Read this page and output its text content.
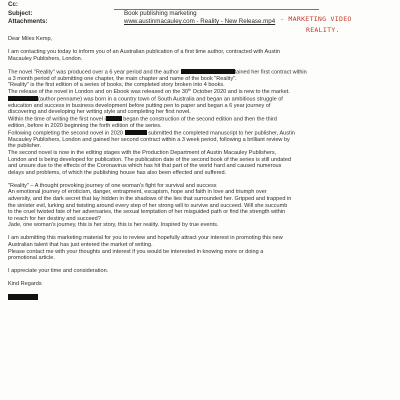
Cc:
Subject:	Book publishing marketing
Attachments:	www.austinmacauley.com - Reality - New Release.mp4 - MARKETING VIDEO
REALITY.

Dear Miles Kemp,

I am contacting you today to inform you of an Australian publication of a first time author, contracted with Austin
Macauley Publishers, London.

The novel "Reality" was produced over a 6 year period and the author	tained her first contract within
a 3 month period of submitting one chapter, the main chapter and name of the book "Reality".
"Reality" is the first edition of a series of books, the completed story broken into 4 books.
The release of the novel in London and on Ebook was released on the 30th October 2020 and is new to the market.
(author penname) was born in a country town of South Australia and began an ambitious struggle of
education and success in business development before putting pen to paper and began a 6 year journey of
discovering and developing her writing style and completing her first novel.
Within the time of writing the first novel i	began the construction of the second edition and then the third
edition, before in 2020 beginning the forth edition of the series.
Following completing the second novel in 2020	submitted the completed manuscript to her publisher, Austin
Macauley Publishers, London and gained her second contract within a 3 week period, following a brilliant review by
the publisher.
The second novel is now in the editing stages with the Production Department of Austin Macauley Publishers,
London and is being developed for publication. The publication date of the second book of the series is still undated
and unsure due to the effects of the Coronavirus which has hit that part of the world hard and caused numerous
delays and problems, of which the publishing house has also been effected and suffered.

"Reality" – A thought provoking journey of one woman's fight for survival and success
An emotional journey of eroticism, danger, entrapment, escapism, hope and faith in love and triumph over
adversity, and the dark secret that lay hidden in the shadows of the lies that surrounded her. Gripped and trapped in
the sinister evil, lurking and twisting around every step of her strong will to survive and succeed. Will she succumb
to the cruel twisted fate of her adversaries, the sexual temptation of her misguided path or find the strength within
to reach for her destiny and succeed?
Jade, one woman's journey, this is her story, this is her reality. Inspired by true events.

I am submitting this marketing material for you to review and hopefully attract your interest in promoting this new
Australian talent that has just entered the market of writing.
Please contact me with your thoughts and interest if you would be interested in knowing more or doing a
promotional article.

I appreciate your time and consideration.

Kind Regards
